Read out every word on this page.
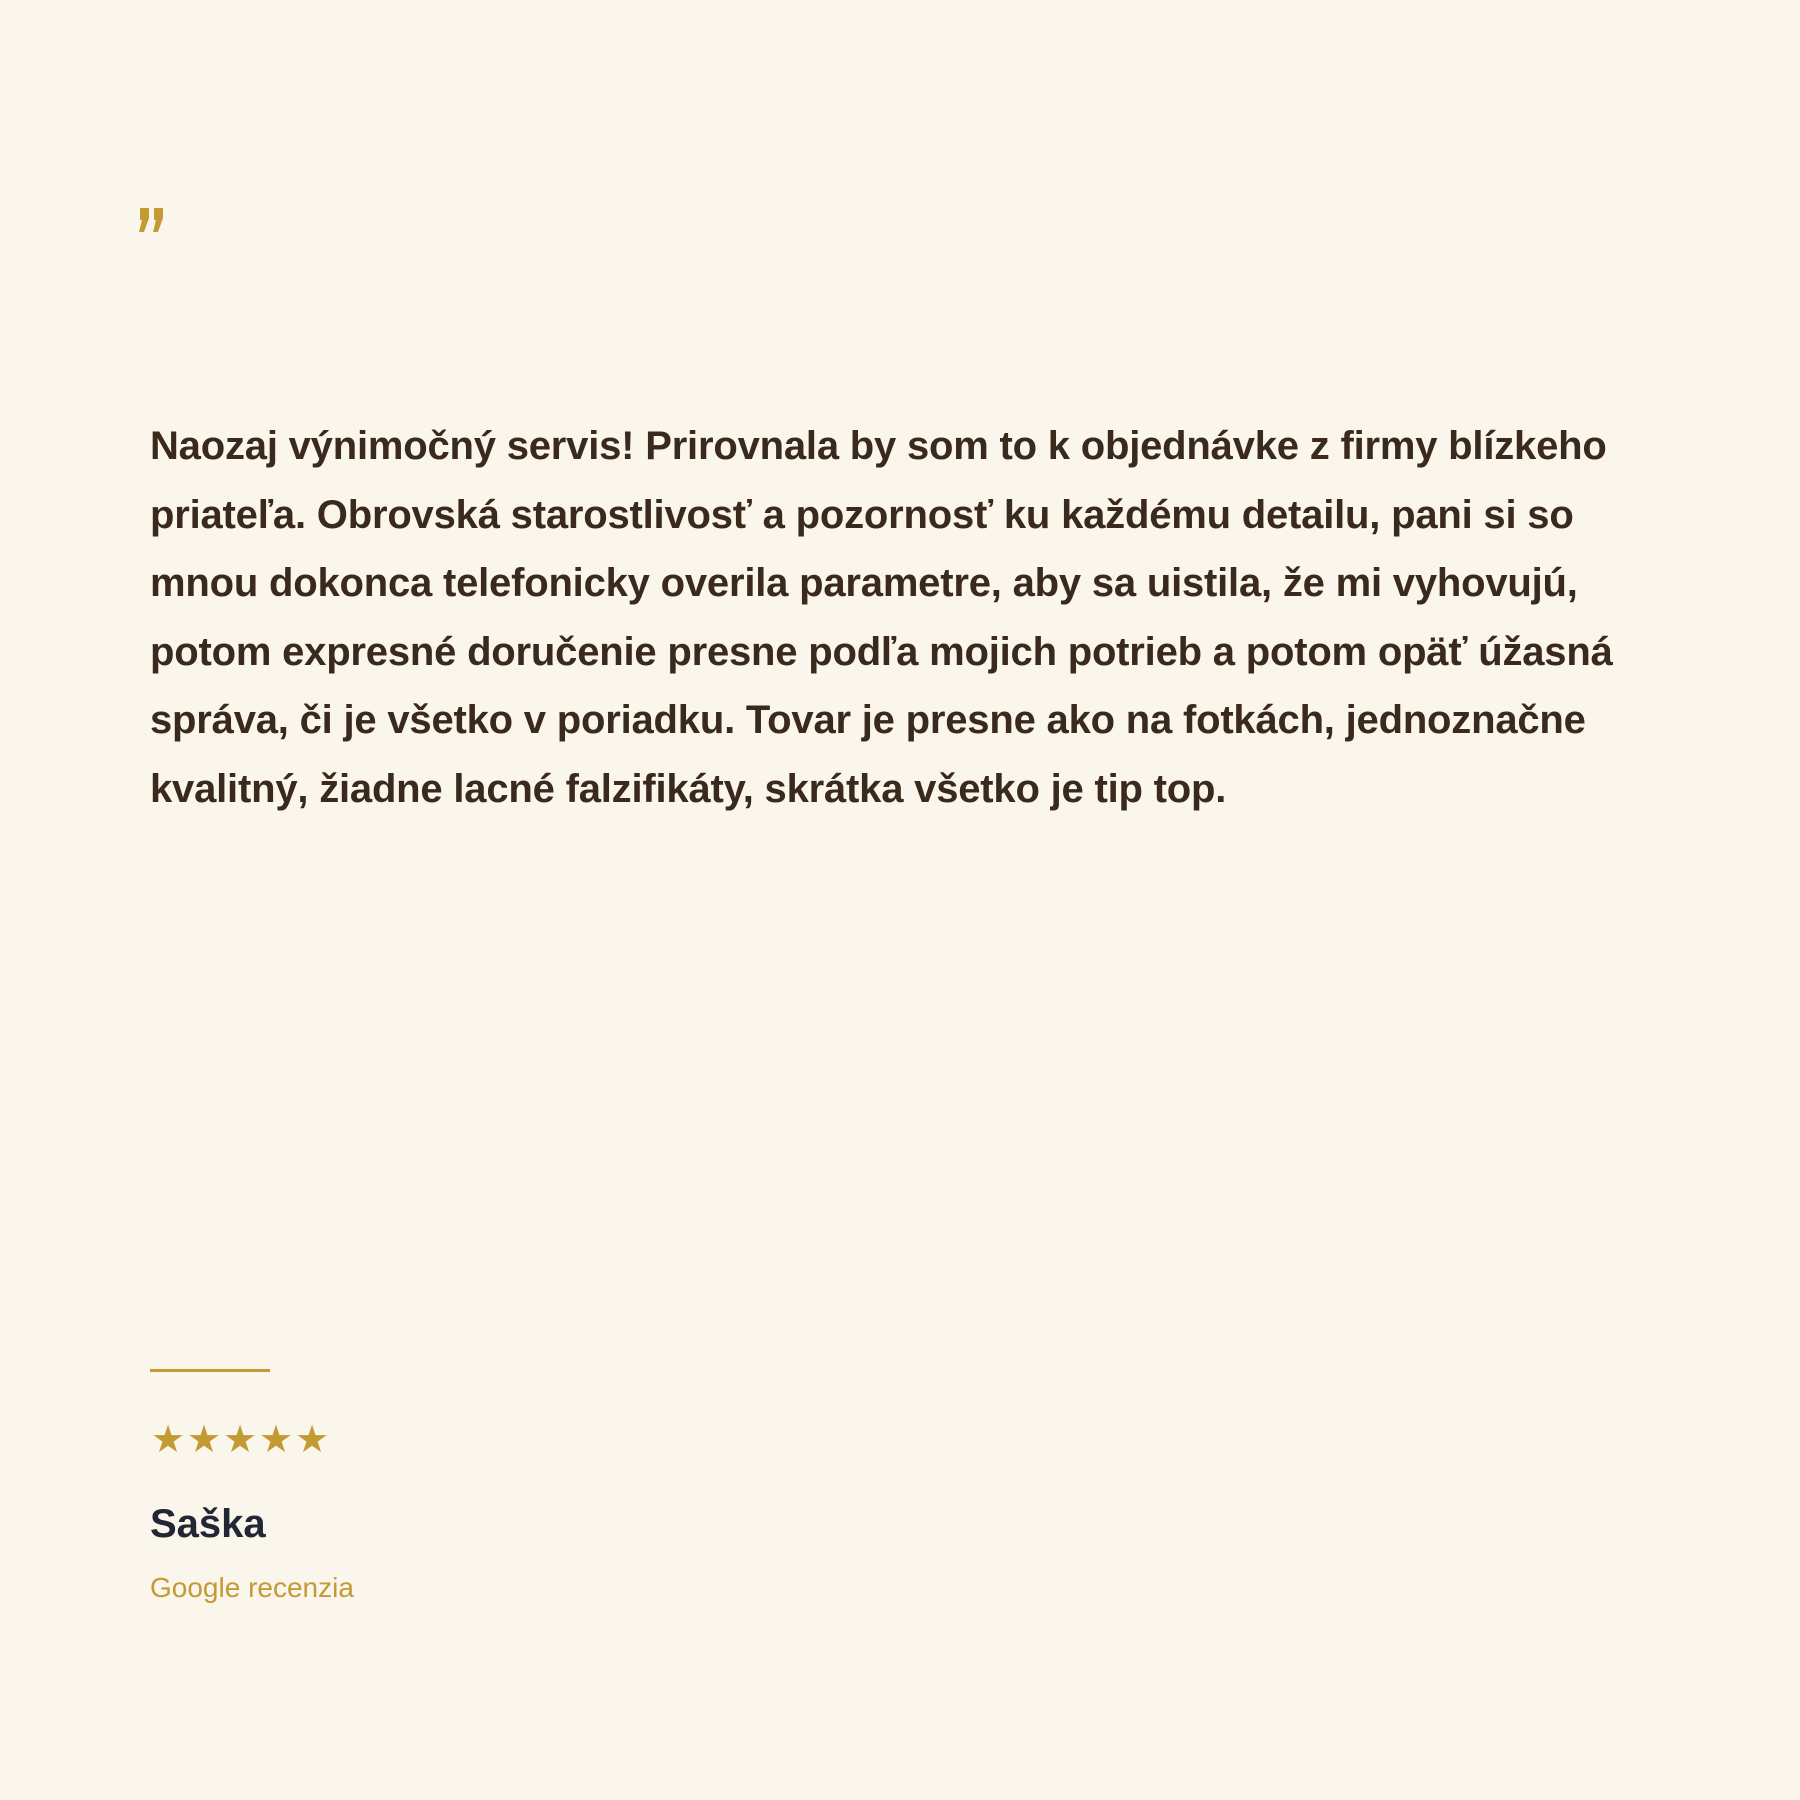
Naozaj výnimočný servis! Prirovnala by som to k objednávke z firmy blízkeho priateľa. Obrovská starostlivosť a pozornosť ku každému detailu, pani si so mnou dokonca telefonicky overila parametre, aby sa uistila, že mi vyhovujú, potom expresné doručenie presne podľa mojich potrieb a potom opäť úžasná správa, či je všetko v poriadku. Tovar je presne ako na fotkách, jednoznačne kvalitný, žiadne lacné falzifikáty, skrátka všetko je tip top.

★ ★ ★ ★ ★

Saška

Google recenzia
